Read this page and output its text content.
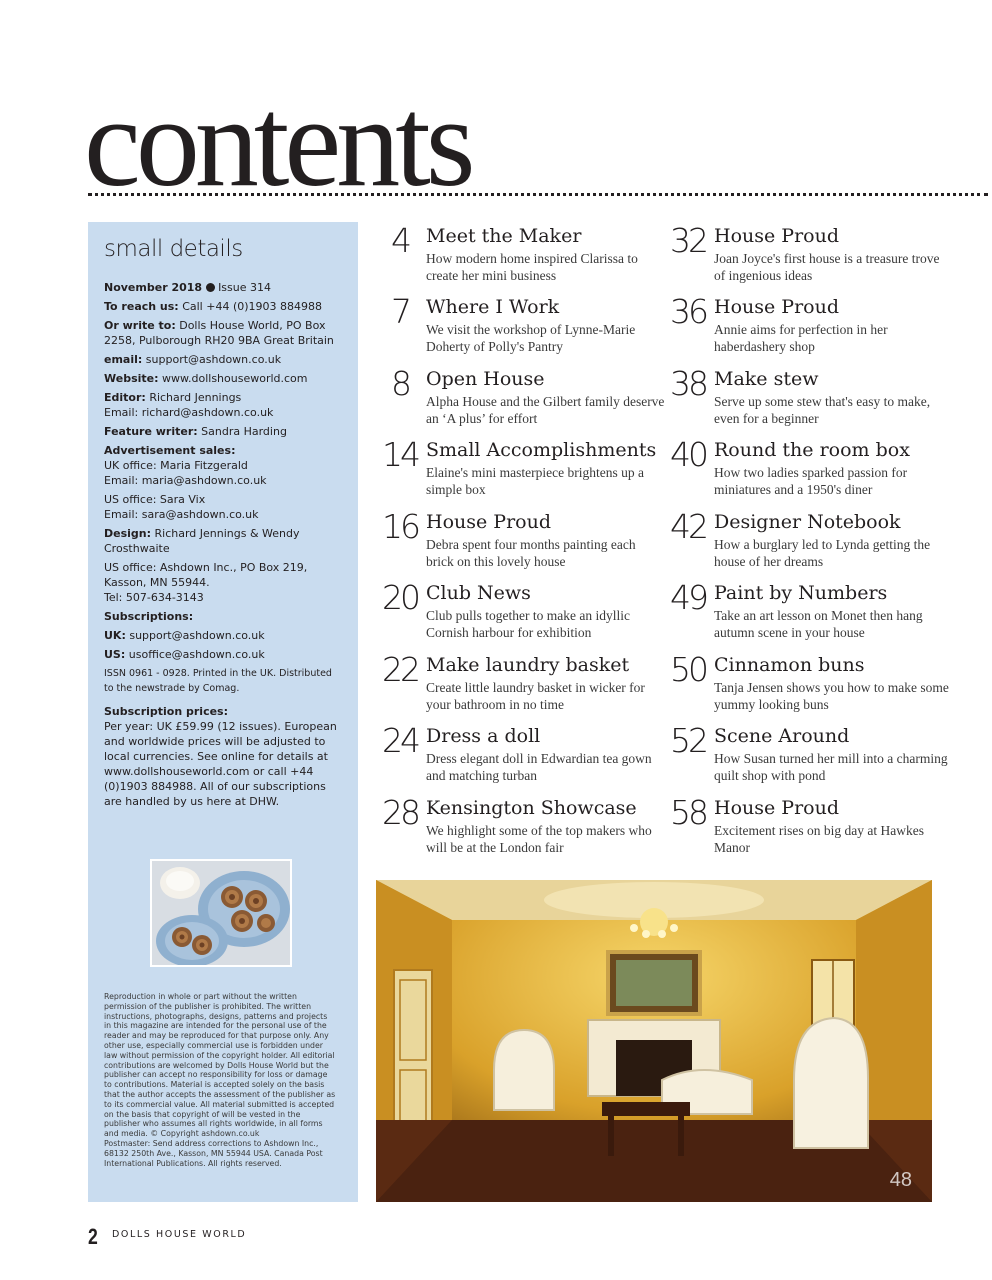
contents
small details

November 2018 Issue 314

To reach us: Call +44 (0)1903 884988

Or write to: Dolls House World, PO Box 2258, Pulborough RH20 9BA Great Britain

email: support@ashdown.co.uk

Website: www.dollshouseworld.com

Editor: Richard Jennings
Email: richard@ashdown.co.uk

Feature writer: Sandra Harding

Advertisement sales:
UK office: Maria Fitzgerald
Email: maria@ashdown.co.uk

US office: Sara Vix
Email: sara@ashdown.co.uk

Design: Richard Jennings & Wendy Crosthwaite

US office: Ashdown Inc., PO Box 219, Kasson, MN 55944.
Tel: 507-634-3143

Subscriptions:

UK: support@ashdown.co.uk

US: usoffice@ashdown.co.uk

ISSN 0961 - 0928. Printed in the UK. Distributed to the newstrade by Comag.

Subscription prices:
Per year: UK £59.99 (12 issues). European and worldwide prices will be adjusted to local currencies. See online for details at www.dollshouseworld.com or call +44 (0)1903 884988. All of our subscriptions are handled by us here at DHW.

Reproduction in whole or part without the written permission of the publisher is prohibited. The written instructions, photographs, designs, patterns and projects in this magazine are intended for the personal use of the reader and may be reproduced for that purpose only. Any other use, especially commercial use is forbidden under law without permission of the copyright holder. All editorial contributions are welcomed by Dolls House World but the publisher can accept no responsibility for loss or damage to contributions. Material is accepted solely on the basis that the author accepts the assessment of the publisher as to its commercial value. All material submitted is accepted on the basis that copyright of will be vested in the publisher who assumes all rights worldwide, in all forms and media. © Copyright ashdown.co.uk

Postmaster: Send address corrections to Ashdown Inc., 68132 250th Ave., Kasson, MN 55944 USA. Canada Post International Publications. All rights reserved.

4 Meet the Maker
How modern home inspired Clarissa to create her mini business
7 Where I Work
We visit the workshop of Lynne-Marie Doherty of Polly's Pantry
8 Open House
Alpha House and the Gilbert family deserve an ‘A plus’ for effort
14 Small Accomplishments
Elaine's mini masterpiece brightens up a simple box
16 House Proud
Debra spent four months painting each brick on this lovely house
20 Club News
Club pulls together to make an idyllic Cornish harbour for exhibition
22 Make laundry basket
Create little laundry basket in wicker for your bathroom in no time
24 Dress a doll
Dress elegant doll in Edwardian tea gown and matching turban
28 Kensington Showcase
We highlight some of the top makers who will be at the London fair
32 House Proud
Joan Joyce's first house is a treasure trove of ingenious ideas
36 House Proud
Annie aims for perfection in her haberdashery shop
38 Make stew
Serve up some stew that's easy to make, even for a beginner
40 Round the room box
How two ladies sparked passion for miniatures and a 1950's diner
42 Designer Notebook
How a burglary led to Lynda getting the house of her dreams
49 Paint by Numbers
Take an art lesson on Monet then hang autumn scene in your house
50 Cinnamon buns
Tanja Jensen shows you how to make some yummy looking buns
52 Scene Around
How Susan turned her mill into a charming quilt shop with pond
58 House Proud
Excitement rises on big day at Hawkes Manor
48
2 DOLLS HOUSE WORLD
